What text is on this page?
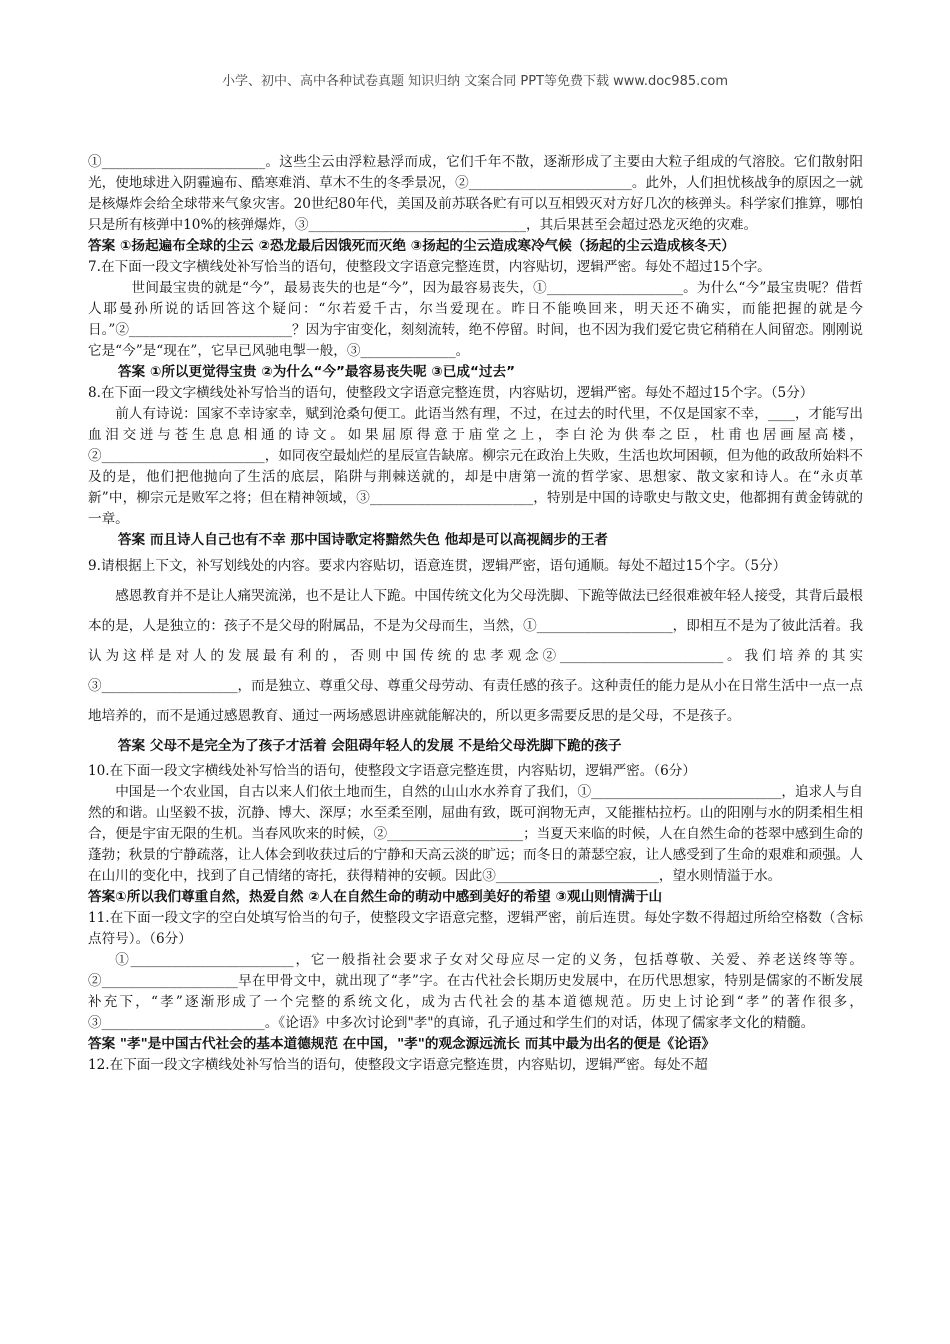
小学、初中、高中各种试卷真题 知识归纳 文案合同 PPT等免费下载 www.doc985.com

①________________________。这些尘云由浮粒悬浮而成，它们千年不散，逐渐形成了主要由大粒子组成的气溶胶。它们散射阳光，使地球进入阴霾遍布、酷寒难消、草木不生的冬季景况，②________________________。此外，人们担忧核战争的原因之一就是核爆炸会给全球带来气象灾害。20世纪80年代，美国及前苏联各贮有可以互相毁灭对方好几次的核弹头。科学家们推算，哪怕只是所有核弹中10%的核弹爆炸，③________________________________，其后果甚至会超过恐龙灭绝的灾难。

答案 ①扬起遍布全球的尘云 ②恐龙最后因饿死而灭绝 ③扬起的尘云造成寒冷气候（扬起的尘云造成核冬天）

7.在下面一段文字横线处补写恰当的语句，使整段文字语意完整连贯，内容贴切，逻辑严密。每处不超过15个字。

世间最宝贵的就是“今”，最易丧失的也是“今”，因为最容易丧失，①____________________。为什么“今”最宝贵呢？借哲人耶曼孙所说的话回答这个疑问：“尔若爱千古，尔当爱现在。昨日不能唤回来，明天还不确实，而能把握的就是今日。”②________________________？因为宇宙变化，刻刻流转，绝不停留。时间，也不因为我们爱它贵它稍稍在人间留恋。刚刚说它是“今”是“现在”，它早已风驰电掣一般，③______________。

答案 ①所以更觉得宝贵 ②为什么“今”最容易丧失呢 ③已成“过去”

8.在下面一段文字横线处补写恰当的语句，使整段文字语意完整连贯，内容贴切，逻辑严密。每处不超过15个字。（5分）

前人有诗说：国家不幸诗家幸，赋到沧桑句便工。此语当然有理，不过，在过去的时代里，不仅是国家不幸，____，才能写出血泪交迸与苍生息息相通的诗文。如果屈原得意于庙堂之上，李白沦为供奉之臣，杜甫也居画屋高楼，②________________________，如同夜空最灿烂的星辰宣告缺席。柳宗元在政治上失败，生活也坎坷困顿，但为他的政敌所始料不及的是，他们把他抛向了生活的底层，陷阱与荆棘送就的，却是中唐第一流的哲学家、思想家、散文家和诗人。在“永贞革新”中，柳宗元是败军之将；但在精神领域，③________________________，特别是中国的诗歌史与散文史，他都拥有黄金铸就的一章。

答案 而且诗人自己也有不幸 那中国诗歌定将黯然失色 他却是可以高视阔步的王者

9.请根据上下文，补写划线处的内容。要求内容贴切，语意连贯，逻辑严密，语句通顺。每处不超过15个字。（5分）

感恩教育并不是让人痛哭流涕，也不是让人下跪。中国传统文化为父母洗脚、下跪等做法已经很难被年轻人接受，其背后最根本的是，人是独立的：孩子不是父母的附属品，不是为父母而生，当然，①____________________，即相互不是为了彼此活着。我认为这样是对人的发展最有利的，否则中国传统的忠孝观念②________________________。我们培养的其实③____________________，而是独立、尊重父母、尊重父母劳动、有责任感的孩子。这种责任的能力是从小在日常生活中一点一点地培养的，而不是通过感恩教育、通过一两场感恩讲座就能解决的，所以更多需要反思的是父母，不是孩子。

答案 父母不是完全为了孩子才活着 会阻碍年轻人的发展 不是给父母洗脚下跪的孩子

10.在下面一段文字横线处补写恰当的语句，使整段文字语意完整连贯，内容贴切，逻辑严密。（6分）

中国是一个农业国，自古以来人们依土地而生，自然的山山水水养育了我们，①____________________________，追求人与自然的和谐。山坚毅不拔，沉静、博大、深厚；水至柔至刚，屈曲有致，既可润物无声，又能摧枯拉朽。山的阳刚与水的阴柔相生相合，便是宇宙无限的生机。当春风吹来的时候，②____________________；当夏天来临的时候，人在自然生命的苍翠中感到生命的蓬勃；秋景的宁静疏落，让人体会到收获过后的宁静和天高云淡的旷远；而冬日的萧瑟空寂，让人感受到了生命的艰难和顽强。人在山川的变化中，找到了自己情绪的寄托，获得精神的安顿。因此③________________________，望水则情溢于水。

答案①所以我们尊重自然，热爱自然 ②人在自然生命的萌动中感到美好的希望 ③观山则情满于山

11.在下面一段文字的空白处填写恰当的句子，使整段文字语意完整，逻辑严密，前后连贯。每处字数不得超过所给空格数（含标点符号）。（6分）

①________________________，它一般指社会要求子女对父母应尽一定的义务，包括尊敬、关爱、养老送终等等。②____________________早在甲骨文中，就出现了“孝”字。在古代社会长期历史发展中，在历代思想家，特别是儒家的不断发展补充下，“孝”逐渐形成了一个完整的系统文化，成为古代社会的基本道德规范。历史上讨论到“孝”的著作很多，③________________________。《论语》中多次讨论到"孝"的真谛，孔子通过和学生们的对话，体现了儒家孝文化的精髓。

答案 "孝"是中国古代社会的基本道德规范 在中国，"孝"的观念源远流长 而其中最为出名的便是《论语》

12.在下面一段文字横线处补写恰当的语句，使整段文字语意完整连贯，内容贴切，逻辑严密。每处不超
